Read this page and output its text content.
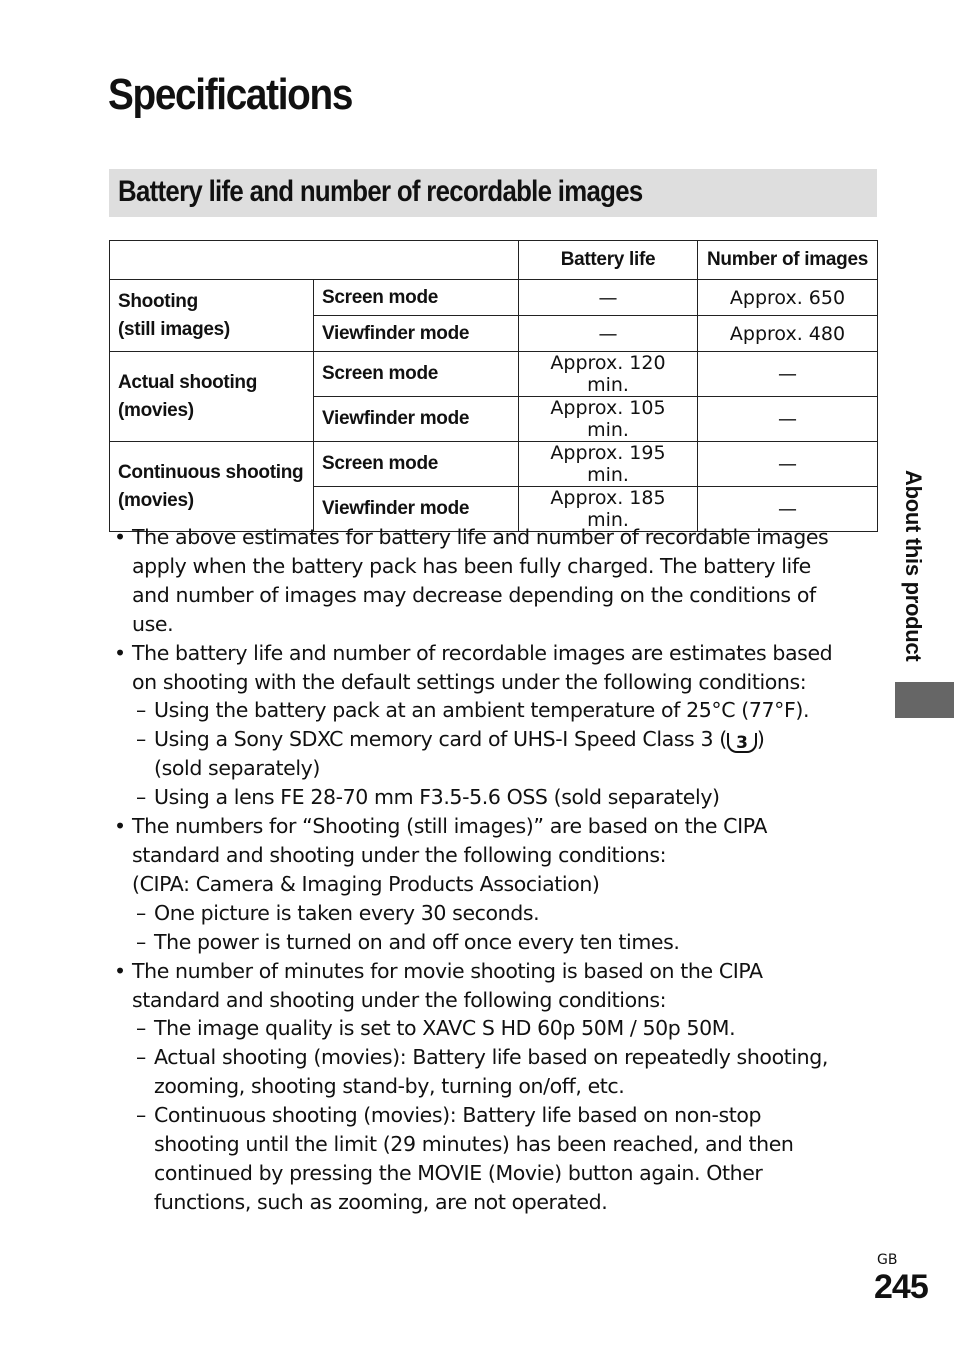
Specifications
Battery life and number of recordable images
		Battery life	Number of images

Shooting
(still images)	Screen mode	—	Approx. 650
	Viewfinder mode	—	Approx. 480

Actual shooting
(movies)	Screen mode	Approx. 120 min.	—
	Viewfinder mode	Approx. 105 min.	—

Continuous shooting
(movies)	Screen mode	Approx. 195 min.	—
	Viewfinder mode	Approx. 185 min.	—
• The above estimates for battery life and number of recordable images
apply when the battery pack has been fully charged. The battery life
and number of images may decrease depending on the conditions of
use.
• The battery life and number of recordable images are estimates based
on shooting with the default settings under the following conditions:
– Using the battery pack at an ambient temperature of 25°C (77°F).
– Using a Sony SDXC memory card of UHS-I Speed Class 3 ( 3 )
(sold separately)
– Using a lens FE 28-70 mm F3.5-5.6 OSS (sold separately)
• The numbers for “Shooting (still images)” are based on the CIPA
standard and shooting under the following conditions:
(CIPA: Camera & Imaging Products Association)
– One picture is taken every 30 seconds.
– The power is turned on and off once every ten times.
• The number of minutes for movie shooting is based on the CIPA
standard and shooting under the following conditions:
– The image quality is set to XAVC S HD 60p 50M / 50p 50M.
– Actual shooting (movies): Battery life based on repeatedly shooting,
zooming, shooting stand-by, turning on/off, etc.
– Continuous shooting (movies): Battery life based on non-stop
shooting until the limit (29 minutes) has been reached, and then
continued by pressing the MOVIE (Movie) button again. Other
functions, such as zooming, are not operated.
About this product
GB
245
